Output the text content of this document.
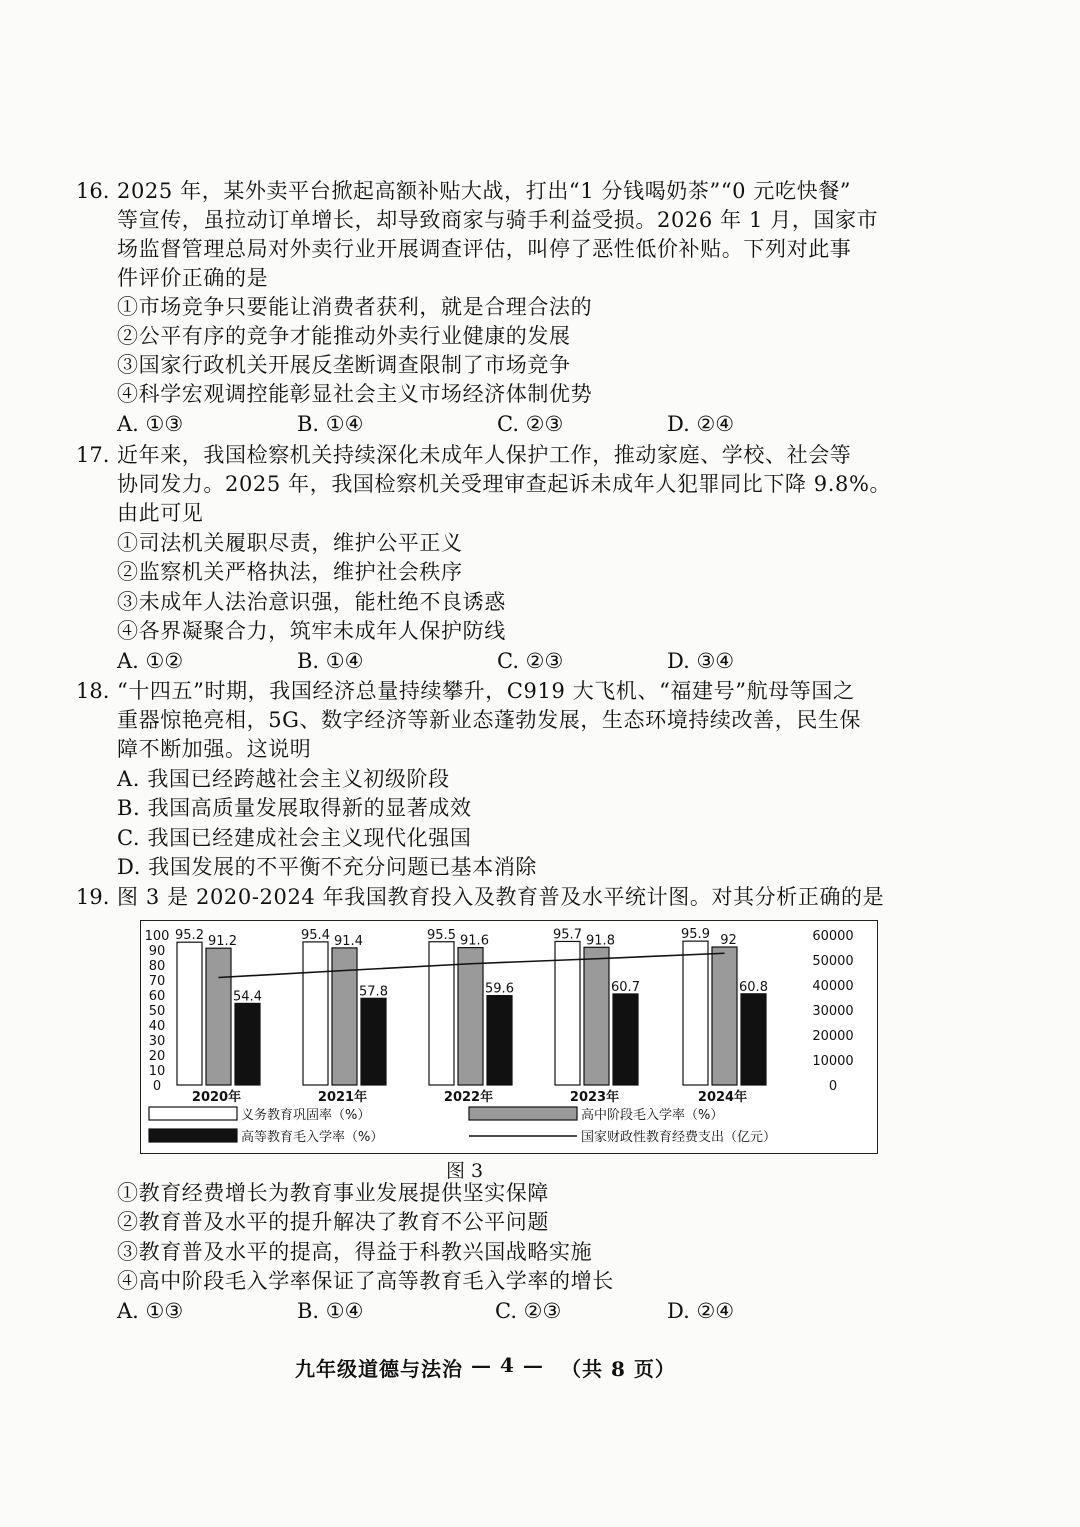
16. 2025 年，某外卖平台掀起高额补贴大战，打出“1 分钱喝奶茶”“0 元吃快餐”
等宣传，虽拉动订单增长，却导致商家与骑手利益受损。2026 年 1 月，国家市
场监督管理总局对外卖行业开展调查评估，叫停了恶性低价补贴。下列对此事
件评价正确的是
①市场竞争只要能让消费者获利，就是合理合法的
②公平有序的竞争才能推动外卖行业健康的发展
③国家行政机关开展反垄断调查限制了市场竞争
④科学宏观调控能彰显社会主义市场经济体制优势
A. ①③	B. ①④	C. ②③	D. ②④
17. 近年来，我国检察机关持续深化未成年人保护工作，推动家庭、学校、社会等
协同发力。2025 年，我国检察机关受理审查起诉未成年人犯罪同比下降 9.8%。
由此可见
①司法机关履职尽责，维护公平正义
②监察机关严格执法，维护社会秩序
③未成年人法治意识强，能杜绝不良诱惑
④各界凝聚合力，筑牢未成年人保护防线
A. ①②	B. ①④	C. ②③	D. ③④
18. “十四五”时期，我国经济总量持续攀升，C919 大飞机、“福建号”航母等国之
重器惊艳亮相，5G、数字经济等新业态蓬勃发展，生态环境持续改善，民生保
障不断加强。这说明
A. 我国已经跨越社会主义初级阶段
B. 我国高质量发展取得新的显著成效
C. 我国已经建成社会主义现代化强国
D. 我国发展的不平衡不充分问题已基本消除
19. 图 3 是 2020-2024 年我国教育投入及教育普及水平统计图。对其分析正确的是
100
90
80
70
60
50
40
30
20
10
0
60000
50000
40000
30000
20000
10000
0
95.2 91.2
54.4
2020年
95.4 91.4
57.8
2021年
95.5 91.6
59.6
2022年
95.7 91.8
60.7
2023年
95.9 92
60.8
2024年
义务教育巩固率（%）	高中阶段毛入学率（%）
高等教育毛入学率（%）	国家财政性教育经费支出（亿元）
图 3
①教育经费增长为教育事业发展提供坚实保障
②教育普及水平的提升解决了教育不公平问题
③教育普及水平的提高，得益于科教兴国战略实施
④高中阶段毛入学率保证了高等教育毛入学率的增长
A. ①③	B. ①④	C. ②③	D. ②④
九年级道德与法治 — 4 — （共 8 页）
